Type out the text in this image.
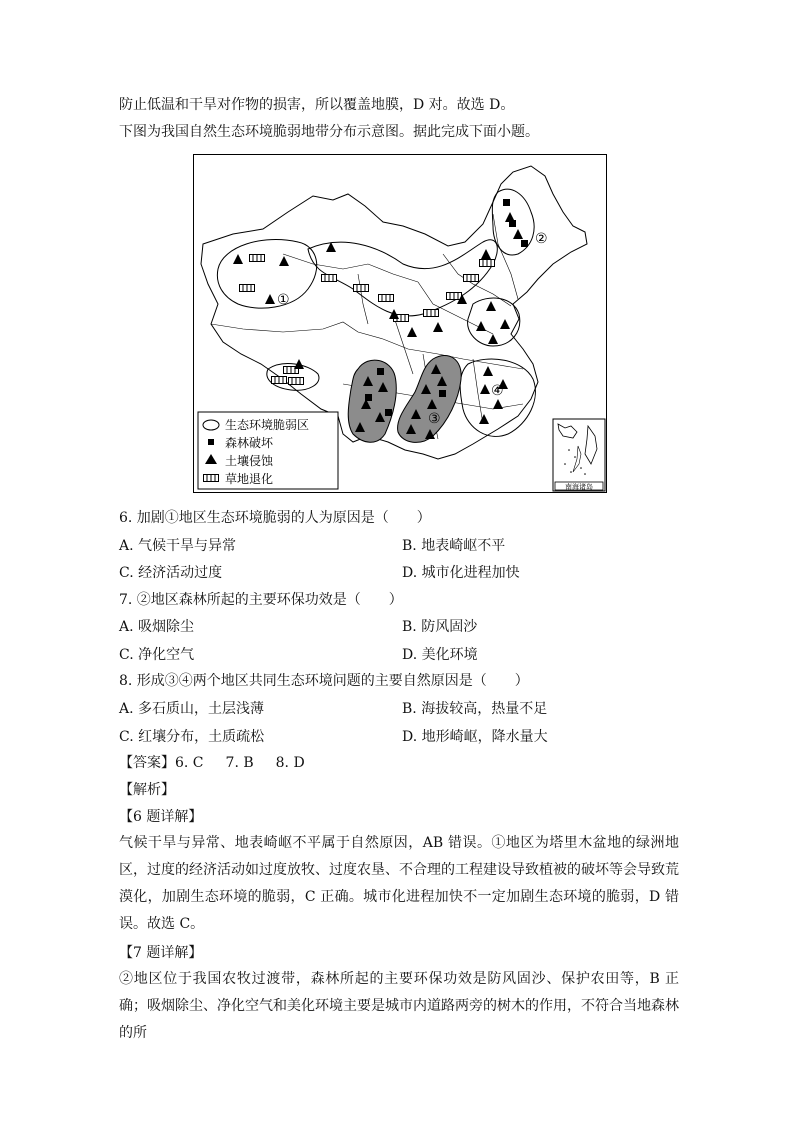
防止低温和干旱对作物的损害，所以覆盖地膜，D 对。故选 D。
下图为我国自然生态环境脆弱地带分布示意图。据此完成下面小题。
①
②
③
④
生态环境脆弱区
森林破坏
土壤侵蚀
草地退化
南海诸岛
6. 加剧①地区生态环境脆弱的人为原因是（　　）
A. 气候干旱与异常	B. 地表崎岖不平
C. 经济活动过度	D. 城市化进程加快
7. ②地区森林所起的主要环保功效是（　　）
A. 吸烟除尘	B. 防风固沙
C. 净化空气	D. 美化环境
8. 形成③④两个地区共同生态环境问题的主要自然原因是（　　）
A. 多石质山，土层浅薄	B. 海拔较高，热量不足
C. 红壤分布，土质疏松	D. 地形崎岖，降水量大
【答案】6. C 7. B 8. D
【解析】
【6 题详解】
气候干旱与异常、地表崎岖不平属于自然原因，AB 错误。①地区为塔里木盆地的绿洲地区，过度的经济活动如过度放牧、过度农垦、不合理的工程建设导致植被的破坏等会导致荒漠化，加剧生态环境的脆弱，C 正确。城市化进程加快不一定加剧生态环境的脆弱，D 错误。故选 C。
【7 题详解】
②地区位于我国农牧过渡带，森林所起的主要环保功效是防风固沙、保护农田等，B 正确；吸烟除尘、净化空气和美化环境主要是城市内道路两旁的树木的作用，不符合当地森林的所
